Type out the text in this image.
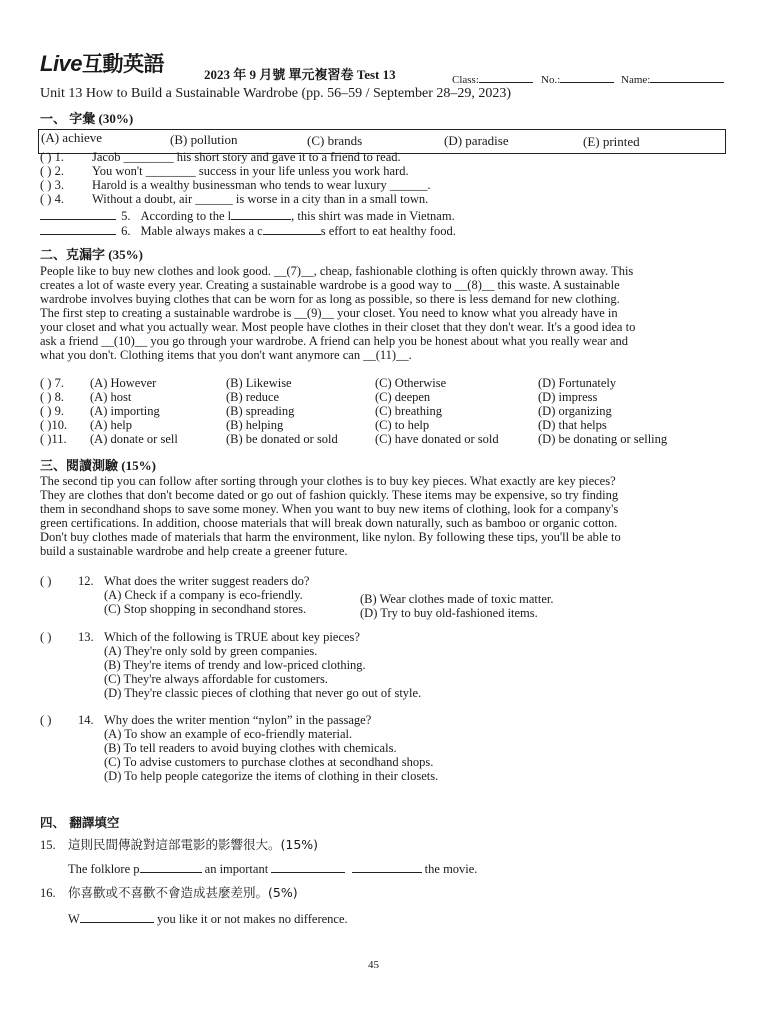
Live互動英語	2023 年 9 月號 單元複習卷 Test 13	Class:	No.:	Name:
Unit 13 How to Build a Sustainable Wardrobe (pp. 56–59 / September 28–29, 2023)
一、 字彙 (30%)
(A) achieve	(B) pollution	(C) brands	(D) paradise	(E) printed
( ) 1. Jacob ________ his short story and gave it to a friend to read.
( ) 2. You won't ________ success in your life unless you work hard.
( ) 3. Harold is a wealthy businessman who tends to wear luxury ______.
( ) 4. Without a doubt, air ______ is worse in a city than in a small town.
5. According to the l	, this shirt was made in Vietnam.
6. Mable always makes a c	s effort to eat healthy food.
二、克漏字 (35%)
People like to buy new clothes and look good. __(7)__, cheap, fashionable clothing is often quickly thrown away. This
creates a lot of waste every year. Creating a sustainable wardrobe is a good way to __(8)__ this waste. A sustainable
wardrobe involves buying clothes that can be worn for as long as possible, so there is less demand for new clothing.
The first step to creating a sustainable wardrobe is __(9)__ your closet. You need to know what you already have in
your closet and what you actually wear. Most people have clothes in their closet that they don't wear. It's a good idea to
ask a friend __(10)__ you go through your wardrobe. A friend can help you be honest about what you really wear and
what you don't. Clothing items that you don't want anymore can __(11)__.
( ) 7. (A) However	(B) Likewise	(C) Otherwise	(D) Fortunately
( ) 8. (A) host	(B) reduce	(C) deepen	(D) impress
( ) 9. (A) importing	(B) spreading	(C) breathing	(D) organizing
( )10. (A) help	(B) helping	(C) to help	(D) that helps
( )11. (A) donate or sell	(B) be donated or sold	(C) have donated or sold	(D) be donating or selling
三、閱讀測驗 (15%)
The second tip you can follow after sorting through your clothes is to buy key pieces. What exactly are key pieces?
They are clothes that don't become dated or go out of fashion quickly. These items may be expensive, so try finding
them in secondhand shops to save some money. When you want to buy new items of clothing, look for a company's
green certifications. In addition, choose materials that will break down naturally, such as bamboo or organic cotton.
Don't buy clothes made of materials that harm the environment, like nylon. By following these tips, you'll be able to
build a sustainable wardrobe and help create a greener future.
( ) 12. What does the writer suggest readers do?
(A) Check if a company is eco-friendly.	(B) Wear clothes made of toxic matter.
(C) Stop shopping in secondhand stores.	(D) Try to buy old-fashioned items.
( ) 13. Which of the following is TRUE about key pieces?
(A) They're only sold by green companies.
(B) They're items of trendy and low-priced clothing.
(C) They're always affordable for customers.
(D) They're classic pieces of clothing that never go out of style.
( ) 14. Why does the writer mention “nylon” in the passage?
(A) To show an example of eco-friendly material.
(B) To tell readers to avoid buying clothes with chemicals.
(C) To advise customers to purchase clothes at secondhand shops.
(D) To help people categorize the items of clothing in their closets.
四、 翻譯填空
15. 這則民間傳說對這部電影的影響很大。(15%)
The folklore p	an important	the movie.
16. 你喜歡或不喜歡不會造成甚麼差別。(5%)
W	you like it or not makes no difference.
45
